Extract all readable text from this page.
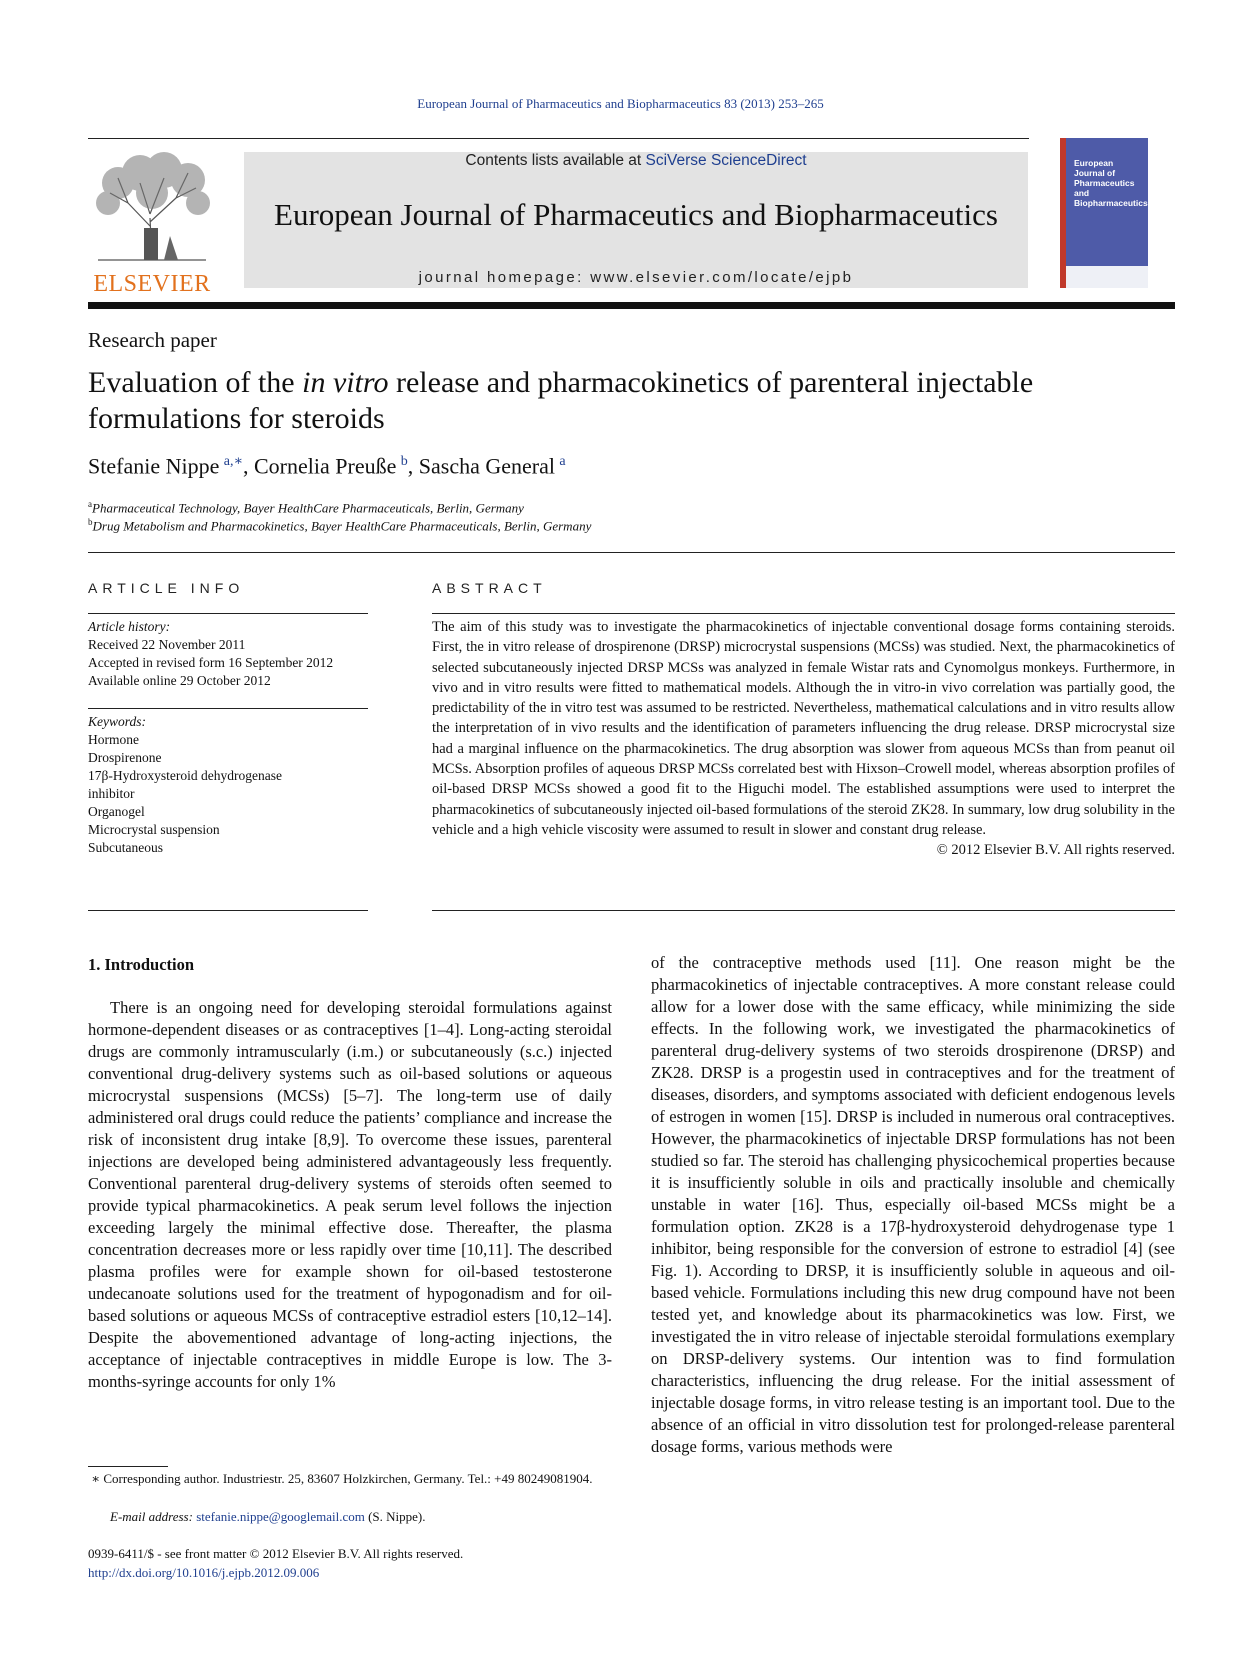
European Journal of Pharmaceutics and Biopharmaceutics 83 (2013) 253–265
ELSEVIER
Contents lists available at SciVerse ScienceDirect
European Journal of Pharmaceutics and Biopharmaceutics
journal homepage: www.elsevier.com/locate/ejpb
European
Journal of
Pharmaceutics and
Biopharmaceutics
Research paper
Evaluation of the in vitro release and pharmacokinetics of parenteral injectable formulations for steroids
Stefanie Nippe  $^{a,∗}$, Cornelia Preuße  $^b$, Sascha General  $^a$
$^a$Pharmaceutical Technology, Bayer HealthCare Pharmaceuticals, Berlin, Germany
$^b$Drug Metabolism and Pharmacokinetics, Bayer HealthCare Pharmaceuticals, Berlin, Germany
ARTICLE INFO
Article history:
Received 22 November 2011
Accepted in revised form 16 September 2012
Available online 29 October 2012
Keywords:
Hormone
Drospirenone
17β-Hydroxysteroid dehydrogenase
inhibitor
Organogel
Microcrystal suspension
Subcutaneous
ABSTRACT
The aim of this study was to investigate the pharmacokinetics of injectable conventional dosage forms containing steroids. First, the in vitro release of drospirenone (DRSP) microcrystal suspensions (MCSs) was studied. Next, the pharmacokinetics of selected subcutaneously injected DRSP MCSs was analyzed in female Wistar rats and Cynomolgus monkeys. Furthermore, in vivo and in vitro results were fitted to mathematical models. Although the in vitro-in vivo correlation was partially good, the predictability of the in vitro test was assumed to be restricted. Nevertheless, mathematical calculations and in vitro results allow the interpretation of in vivo results and the identification of parameters influencing the drug release. DRSP microcrystal size had a marginal influence on the pharmacokinetics. The drug absorption was slower from aqueous MCSs than from peanut oil MCSs. Absorption profiles of aqueous DRSP MCSs correlated best with Hixson–Crowell model, whereas absorption profiles of oil-based DRSP MCSs showed a good fit to the Higuchi model. The established assumptions were used to interpret the pharmacokinetics of subcutaneously injected oil-based formulations of the steroid ZK28. In summary, low drug solubility in the vehicle and a high vehicle viscosity were assumed to result in slower and constant drug release.
© 2012 Elsevier B.V. All rights reserved.
1. Introduction
There is an ongoing need for developing steroidal formulations against hormone-dependent diseases or as contraceptives [1–4]. Long-acting steroidal drugs are commonly intramuscularly (i.m.) or subcutaneously (s.c.) injected conventional drug-delivery systems such as oil-based solutions or aqueous microcrystal suspensions (MCSs) [5–7]. The long-term use of daily administered oral drugs could reduce the patients’ compliance and increase the risk of inconsistent drug intake [8,9]. To overcome these issues, parenteral injections are developed being administered advantageously less frequently. Conventional parenteral drug-delivery systems of steroids often seemed to provide typical pharmacokinetics. A peak serum level follows the injection exceeding largely the minimal effective dose. Thereafter, the plasma concentration decreases more or less rapidly over time [10,11]. The described plasma profiles were for example shown for oil-based testosterone undecanoate solutions used for the treatment of hypogonadism and for oil-based solutions or aqueous MCSs of contraceptive estradiol esters [10,12–14]. Despite the abovementioned advantage of long-acting injections, the acceptance of injectable contraceptives in middle Europe is low. The 3-months-syringe accounts for only 1%
of the contraceptive methods used [11]. One reason might be the pharmacokinetics of injectable contraceptives. A more constant release could allow for a lower dose with the same efficacy, while minimizing the side effects. In the following work, we investigated the pharmacokinetics of parenteral drug-delivery systems of two steroids drospirenone (DRSP) and ZK28. DRSP is a progestin used in contraceptives and for the treatment of diseases, disorders, and symptoms associated with deficient endogenous levels of estrogen in women [15]. DRSP is included in numerous oral contraceptives. However, the pharmacokinetics of injectable DRSP formulations has not been studied so far. The steroid has challenging physicochemical properties because it is insufficiently soluble in oils and practically insoluble and chemically unstable in water [16]. Thus, especially oil-based MCSs might be a formulation option. ZK28 is a 17β-hydroxysteroid dehydrogenase type 1 inhibitor, being responsible for the conversion of estrone to estradiol [4] (see Fig. 1). According to DRSP, it is insufficiently soluble in aqueous and oil-based vehicle. Formulations including this new drug compound have not been tested yet, and knowledge about its pharmacokinetics was low. First, we investigated the in vitro release of injectable steroidal formulations exemplary on DRSP-delivery systems. Our intention was to find formulation characteristics, influencing the drug release. For the initial assessment of injectable dosage forms, in vitro release testing is an important tool. Due to the absence of an official in vitro dissolution test for prolonged-release parenteral dosage forms, various methods were
∗ Corresponding author. Industriestr. 25, 83607 Holzkirchen, Germany. Tel.: +49 80249081904.
E-mail address: stefanie.nippe@googlemail.com (S. Nippe).
0939-6411/$ - see front matter © 2012 Elsevier B.V. All rights reserved.
http://dx.doi.org/10.1016/j.ejpb.2012.09.006
